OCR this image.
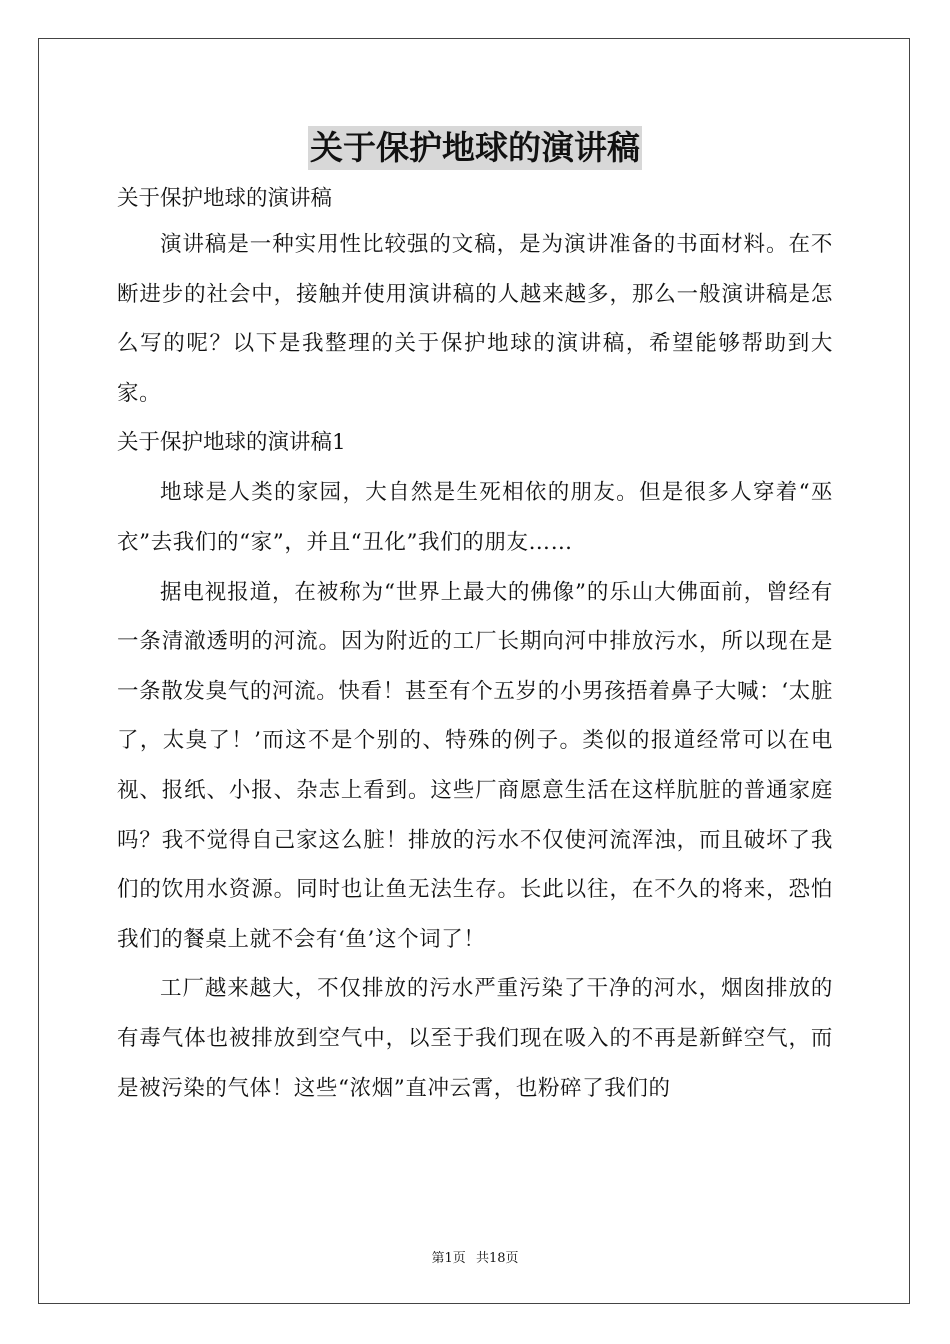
关于保护地球的演讲稿

关于保护地球的演讲稿

演讲稿是一种实用性比较强的文稿，是为演讲准备的书面材料。在不断进步的社会中，接触并使用演讲稿的人越来越多，那么一般演讲稿是怎么写的呢？以下是我整理的关于保护地球的演讲稿，希望能够帮助到大家。

关于保护地球的演讲稿1

地球是人类的家园，大自然是生死相依的朋友。但是很多人穿着“巫衣”去我们的“家”，并且“丑化”我们的朋友……

据电视报道，在被称为“世界上最大的佛像”的乐山大佛面前，曾经有一条清澈透明的河流。因为附近的工厂长期向河中排放污水，所以现在是一条散发臭气的河流。快看！甚至有个五岁的小男孩捂着鼻子大喊：‘太脏了，太臭了！’而这不是个别的、特殊的例子。类似的报道经常可以在电视、报纸、小报、杂志上看到。这些厂商愿意生活在这样肮脏的普通家庭吗？我不觉得自己家这么脏！排放的污水不仅使河流浑浊，而且破坏了我们的饮用水资源。同时也让鱼无法生存。长此以往，在不久的将来，恐怕我们的餐桌上就不会有‘鱼’这个词了！

工厂越来越大，不仅排放的污水严重污染了干净的河水，烟囱排放的有毒气体也被排放到空气中，以至于我们现在吸入的不再是新鲜空气，而是被污染的气体！这些“浓烟”直冲云霄，也粉碎了我们的

第1页 共18页
